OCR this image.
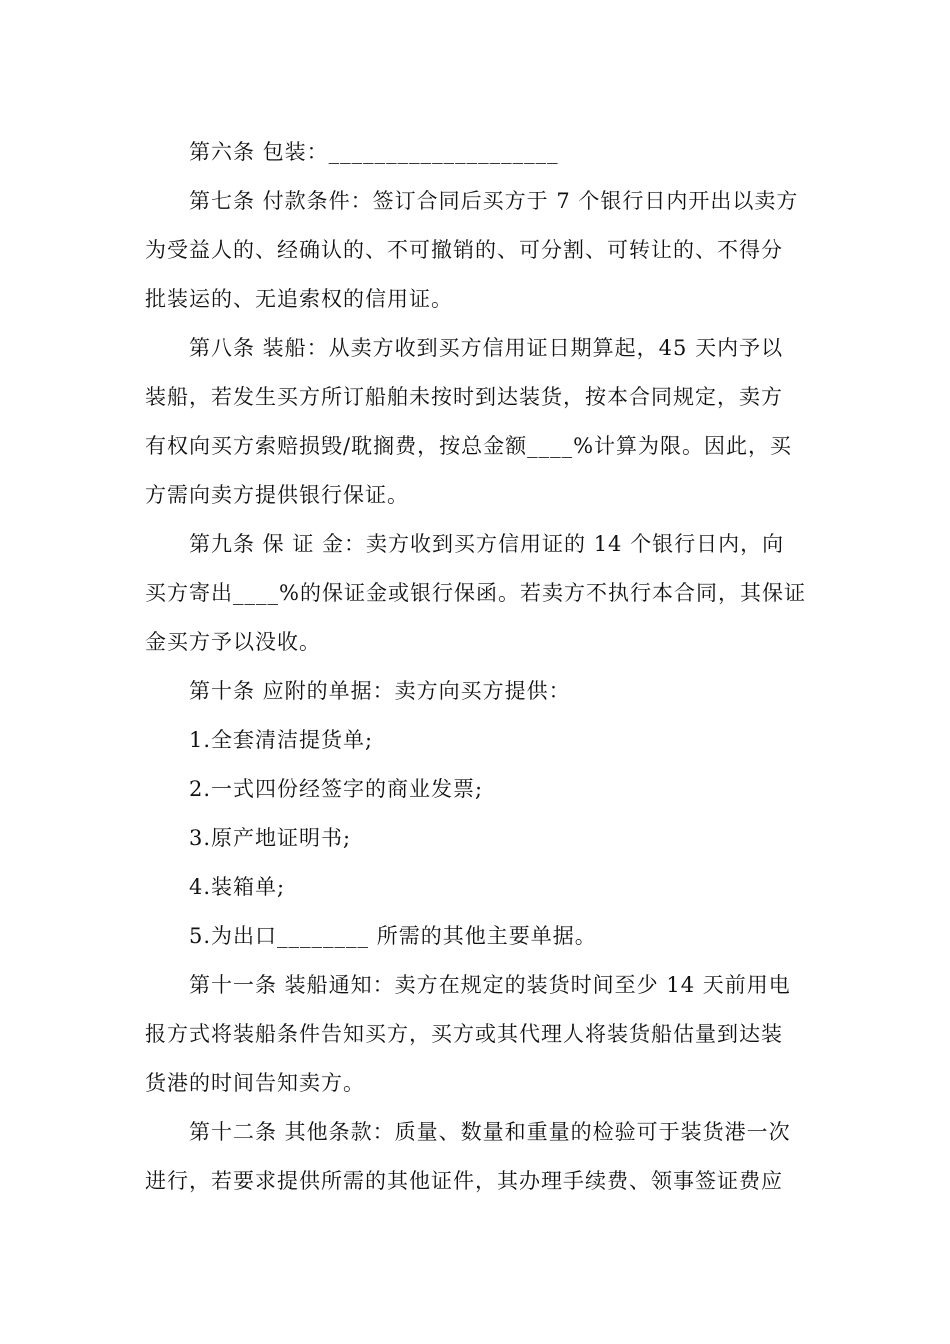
第六条 包装：____________________
第七条 付款条件：签订合同后买方于 7 个银行日内开出以卖方
为受益人的、经确认的、不可撤销的、可分割、可转让的、不得分
批装运的、无追索权的信用证。
第八条 装船：从卖方收到买方信用证日期算起，45 天内予以
装船，若发生买方所订船舶未按时到达装货，按本合同规定，卖方
有权向买方索赔损毁/耽搁费，按总金额____%计算为限。因此，买
方需向卖方提供银行保证。
第九条 保 证 金：卖方收到买方信用证的 14 个银行日内，向
买方寄出____%的保证金或银行保函。若卖方不执行本合同，其保证
金买方予以没收。
第十条 应附的单据：卖方向买方提供：
1.全套清洁提货单;
2.一式四份经签字的商业发票;
3.原产地证明书;
4.装箱单;
5.为出口________ 所需的其他主要单据。
第十一条 装船通知：卖方在规定的装货时间至少 14 天前用电
报方式将装船条件告知买方，买方或其代理人将装货船估量到达装
货港的时间告知卖方。
第十二条 其他条款：质量、数量和重量的检验可于装货港一次
进行，若要求提供所需的其他证件，其办理手续费、领事签证费应
